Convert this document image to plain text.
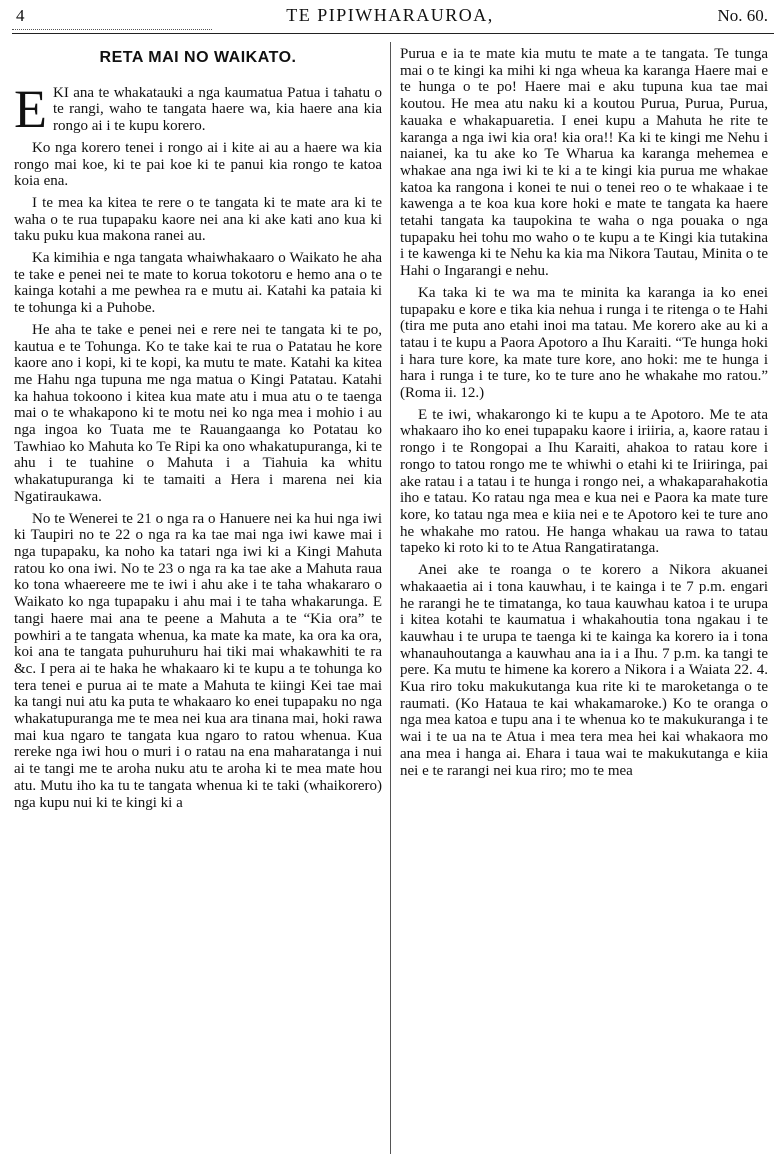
4	TE PIPIWHARAUROA,	No. 60.
RETA MAI NO WAIKATO.

EKI ana te whakatauki a nga kaumatua Patua i tahatu o te rangi, waho te tangata haere wa, kia haere ana kia rongo ai i te kupu korero.

Ko nga korero tenei i rongo ai i kite ai au a haere wa kia rongo mai koe, ki te pai koe ki te panui kia rongo te katoa koia ena.

I te mea ka kitea te rere o te tangata ki te mate ara ki te waha o te rua tupapaku kaore nei ana ki ake kati ano kua ki taku puku kua makona ranei au.

Ka kimihia e nga tangata whaiwhakaaro o Waikato he aha te take e penei nei te mate to korua tokotoru e hemo ana o te kainga kotahi a me pewhea ra e mutu ai. Katahi ka pataia ki te tohunga ki a Puhobe.

He aha te take e penei nei e rere nei te tangata ki te po, kautua e te Tohunga. Ko te take kai te rua o Patatau he kore kaore ano i kopi, ki te kopi, ka mutu te mate. Katahi ka kitea me Hahu nga tupuna me nga matua o Kingi Patatau. Katahi ka hahua tokoono i kitea kua mate atu i mua atu o te taenga mai o te whakapono ki te motu nei ko nga mea i mohio i au nga ingoa ko Tuata me te Rauangaanga ko Potatau ko Tawhiao ko Mahuta ko Te Ripi ka ono whakatupuranga, ki te ahu i te tuahine o Mahuta i a Tiahuia ka whitu whakatupuranga ki te tamaiti a Hera i marena nei kia Ngatiraukawa.

No te Wenerei te 21 o nga ra o Hanuere nei ka hui nga iwi ki Taupiri no te 22 o nga ra ka tae mai nga iwi kawe mai i nga tupapaku, ka noho ka tatari nga iwi ki a Kingi Mahuta ratou ko ona iwi. No te 23 o nga ra ka tae ake a Mahuta raua ko tona whaereere me te iwi i ahu ake i te taha whakararo o Waikato ko nga tupapaku i ahu mai i te taha whakarunga. E tangi haere mai ana te peene a Mahuta a te “Kia ora” te powhiri a te tangata whenua, ka mate ka mate, ka ora ka ora, koi ana te tangata puhuruhuru hai tiki mai whakawhiti te ra &c. I pera ai te haka he whakaaro ki te kupu a te tohunga ko tera tenei e purua ai te mate a Mahuta te kiingi Kei tae mai ka tangi nui atu ka puta te whakaaro ko enei tupapaku no nga whakatupuranga me te mea nei kua ara tinana mai, hoki rawa mai kua ngaro te tangata kua ngaro to ratou whenua. Kua rereke nga iwi hou o muri i o ratau na ena maharatanga i nui ai te tangi me te aroha nuku atu te aroha ki te mea mate hou atu. Mutu iho ka tu te tangata whenua ki te taki (whaikorero) nga kupu nui ki te kingi ki a

Purua e ia te mate kia mutu te mate a te tangata. Te tunga mai o te kingi ka mihi ki nga wheua ka karanga Haere mai e te hunga o te po! Haere mai e aku tupuna kua tae mai koutou. He mea atu naku ki a koutou Purua, Purua, Purua, kauaka e whakapuaretia. I enei kupu a Mahuta he rite te karanga a nga iwi kia ora! kia ora!! Ka ki te kingi me Nehu i naianei, ka tu ake ko Te Wharua ka karanga mehemea e whakae ana nga iwi ki te ki a te kingi kia purua me whakae katoa ka rangona i konei te nui o tenei reo o te whakaae i te kawenga a te koa kua kore hoki e mate te tangata ka haere tetahi tangata ka taupokina te waha o nga pouaka o nga tupapaku hei tohu mo waho o te kupu a te Kingi kia tutakina i te kawenga ki te Nehu ka kia ma Nikora Tautau, Minita o te Hahi o Ingarangi e nehu.

Ka taka ki te wa ma te minita ka karanga ia ko enei tupapaku e kore e tika kia nehua i runga i te ritenga o te Hahi (tira me puta ano etahi inoi ma tatau. Me korero ake au ki a tatau i te kupu a Paora Apotoro a Ihu Karaiti. “Te hunga hoki i hara ture kore, ka mate ture kore, ano hoki: me te hunga i hara i runga i te ture, ko te ture ano he whakahe mo ratou.” (Roma ii. 12.)

E te iwi, whakarongo ki te kupu a te Apotoro. Me te ata whakaaro iho ko enei tupapaku kaore i iriiria, a, kaore ratau i rongo i te Rongopai a Ihu Karaiti, ahakoa to ratau kore i rongo to tatou rongo me te whiwhi o etahi ki te Iriiringa, pai ake ratau i a tatau i te hunga i rongo nei, a whakaparahakotia iho e tatau. Ko ratau nga mea e kua nei e Paora ka mate ture kore, ko tatau nga mea e kiia nei e te Apotoro kei te ture ano he whakahe mo ratou. He hanga whakau ua rawa to tatau tapeko ki roto ki to te Atua Rangatiratanga.

Anei ake te roanga o te korero a Nikora akuanei whakaaetia ai i tona kauwhau, i te kainga i te 7 p.m. engari he rarangi he te timatanga, ko taua kauwhau katoa i te urupa i kitea kotahi te kaumatua i whakahoutia tona ngakau i te kauwhau i te urupa te taenga ki te kainga ka korero ia i tona whanauhoutanga a kauwhau ana ia i a Ihu. 7 p.m. ka tangi te pere. Ka mutu te himene ka korero a Nikora i a Waiata 22. 4. Kua riro toku makukutanga kua rite ki te maroketanga o te raumati. (Ko Hataua te kai whakamaroke.) Ko te oranga o nga mea katoa e tupu ana i te whenua ko te makukuranga i te wai i te ua na te Atua i mea tera mea hei kai whakaora mo ana mea i hanga ai. Ehara i taua wai te makukutanga e kiia nei e te rarangi nei kua riro; mo te mea
